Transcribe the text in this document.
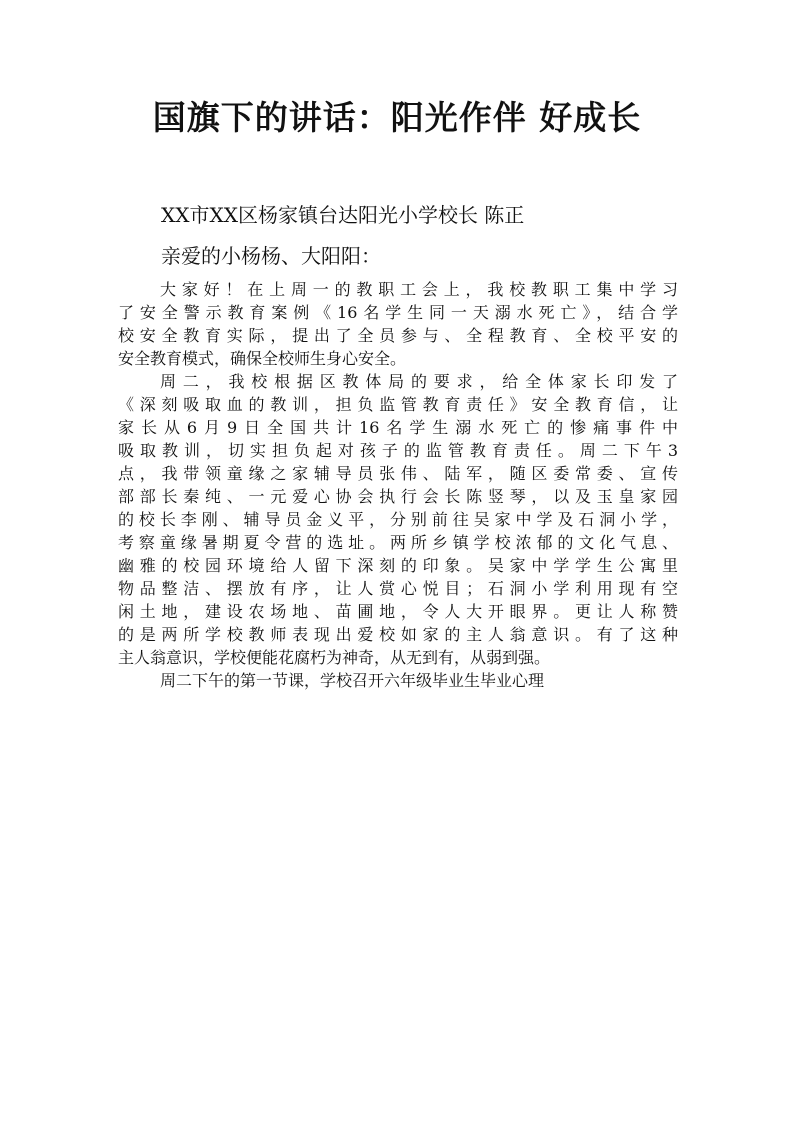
国旗下的讲话：阳光作伴 好成长
XX市XX区杨家镇台达阳光小学校长 陈正
亲爱的小杨杨、大阳阳：
大家好！在上周一的教职工会上，我校教职工集中学习
了安全警示教育案例《16名学生同一天溺水死亡》，结合学
校安全教育实际，提出了全员参与、全程教育、全校平安的
安全教育模式，确保全校师生身心安全。
周二，我校根据区教体局的要求，给全体家长印发了
《深刻吸取血的教训，担负监管教育责任》安全教育信，让
家长从6月9日全国共计16名学生溺水死亡的惨痛事件中
吸取教训，切实担负起对孩子的监管教育责任。周二下午3
点，我带领童缘之家辅导员张伟、陆军，随区委常委、宣传
部部长秦纯、一元爱心协会执行会长陈竖琴，以及玉皇家园
的校长李刚、辅导员金义平，分别前往吴家中学及石洞小学，
考察童缘暑期夏令营的选址。两所乡镇学校浓郁的文化气息、
幽雅的校园环境给人留下深刻的印象。吴家中学学生公寓里
物品整洁、摆放有序，让人赏心悦目；石洞小学利用现有空
闲土地，建设农场地、苗圃地，令人大开眼界。更让人称赞
的是两所学校教师表现出爱校如家的主人翁意识。有了这种
主人翁意识，学校便能花腐朽为神奇，从无到有，从弱到强。
周二下午的第一节课，学校召开六年级毕业生毕业心理
